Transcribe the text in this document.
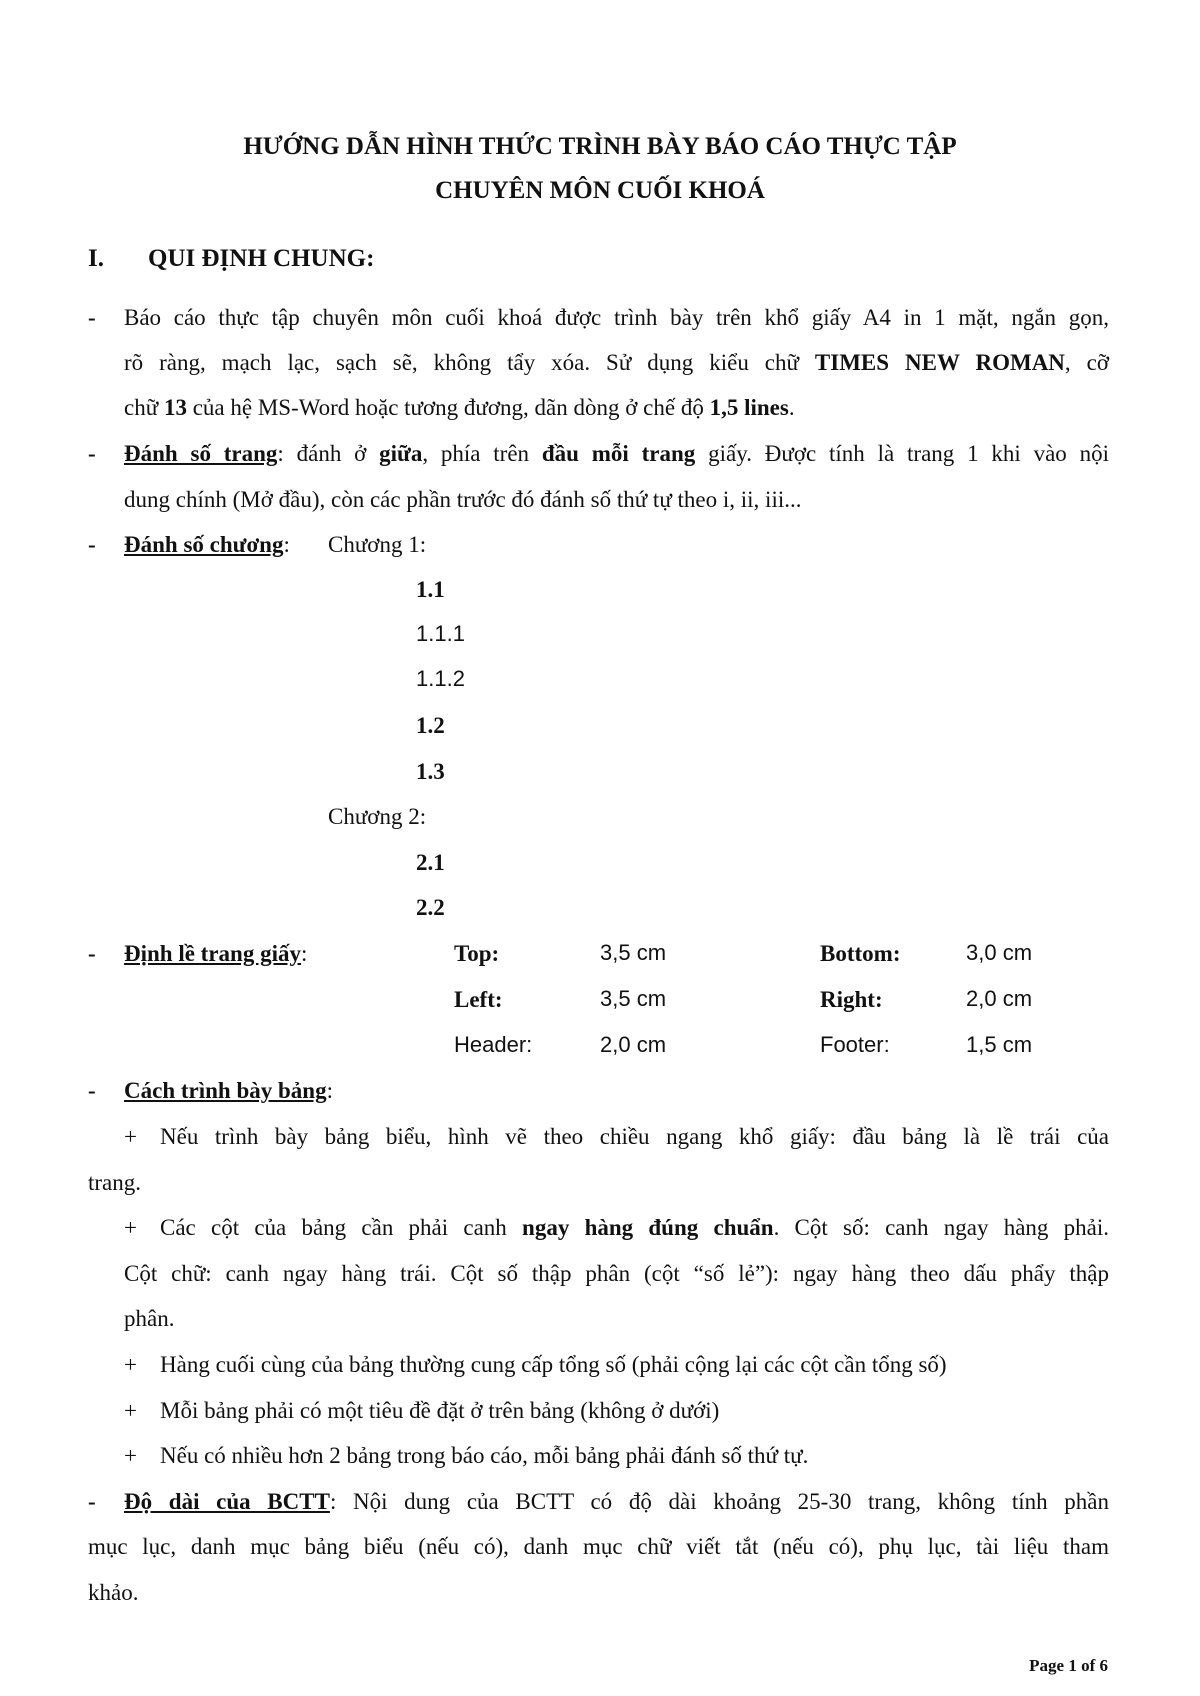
HƯỚNG DẪN HÌNH THỨC TRÌNH BÀY BÁO CÁO THỰC TẬP
CHUYÊN MÔN CUỐI KHOÁ
I. QUI ĐỊNH CHUNG:
- Báo cáo thực tập chuyên môn cuối khoá được trình bày trên khổ giấy A4 in 1 mặt, ngắn gọn,
rõ ràng, mạch lạc, sạch sẽ, không tẩy xóa. Sử dụng kiểu chữ TIMES NEW ROMAN, cỡ
chữ 13 của hệ MS-Word hoặc tương đương, dãn dòng ở chế độ 1,5 lines.
- Đánh số trang: đánh ở giữa, phía trên đầu mỗi trang giấy. Được tính là trang 1 khi vào nội
dung chính (Mở đầu), còn các phần trước đó đánh số thứ tự theo i, ii, iii...
- Đánh số chương: Chương 1:
1.1
1.1.1
1.1.2
1.2
1.3
Chương 2:
2.1
2.2
- Định lề trang giấy:	Top:	3,5 cm	Bottom:	3,0 cm
Left:	3,5 cm	Right:	2,0 cm
Header:	2,0 cm	Footer:	1,5 cm
- Cách trình bày bảng:
+ Nếu trình bày bảng biểu, hình vẽ theo chiều ngang khổ giấy: đầu bảng là lề trái của
trang.
+ Các cột của bảng cần phải canh ngay hàng đúng chuẩn. Cột số: canh ngay hàng phải.
Cột chữ: canh ngay hàng trái. Cột số thập phân (cột “số lẻ”): ngay hàng theo dấu phẩy thập
phân.
+ Hàng cuối cùng của bảng thường cung cấp tổng số (phải cộng lại các cột cần tổng số)
+ Mỗi bảng phải có một tiêu đề đặt ở trên bảng (không ở dưới)
+ Nếu có nhiều hơn 2 bảng trong báo cáo, mỗi bảng phải đánh số thứ tự.
- Độ dài của BCTT: Nội dung của BCTT có độ dài khoảng 25-30 trang, không tính phần
mục lục, danh mục bảng biểu (nếu có), danh mục chữ viết tắt (nếu có), phụ lục, tài liệu tham
khảo.
Page 1 of 6
